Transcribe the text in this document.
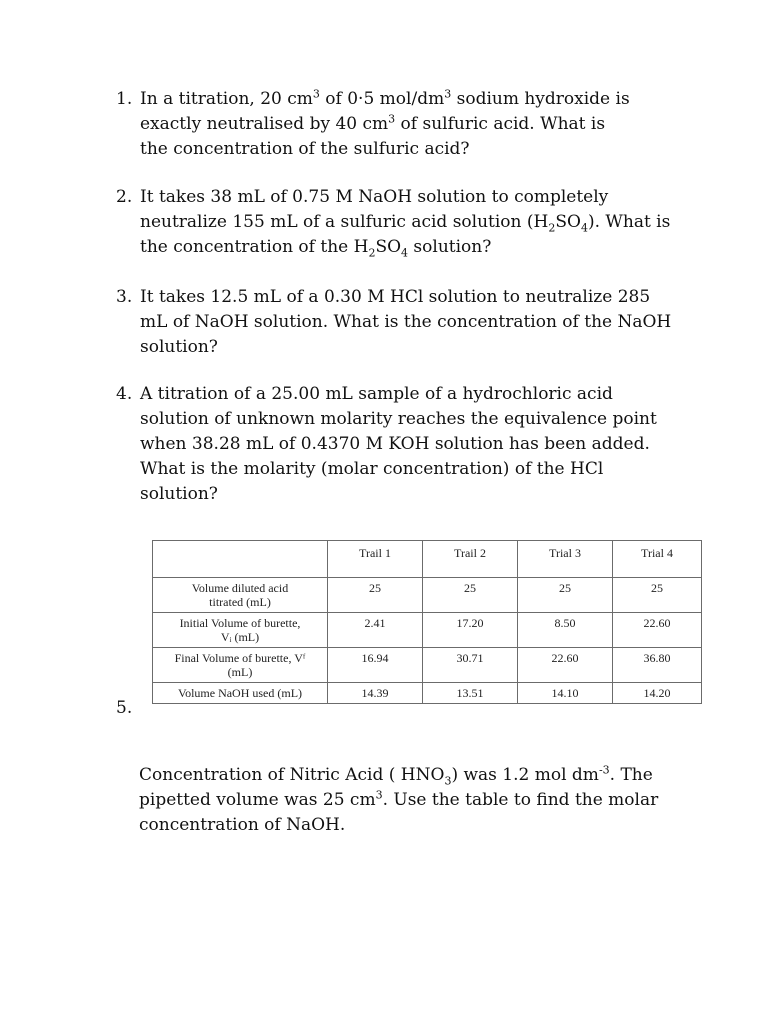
1. In a titration, 20 $cm^3$ of 0·5 mol/$dm^3$ sodium hydroxide is
exactly neutralised by 40 $cm^3$ of sulfuric acid. What is
the concentration of the sulfuric acid?
2. It takes 38 mL of 0.75 M NaOH solution to completely
neutralize 155 mL of a sulfuric acid solution $(H_2SO_4)$. What is
the concentration of the $H_2SO_4$ solution?
3. It takes 12.5 mL of a 0.30 M HCl solution to neutralize 285
mL of NaOH solution. What is the concentration of the NaOH
solution?
4. A titration of a 25.00 mL sample of a hydrochloric acid
solution of unknown molarity reaches the equivalence point
when 38.28 mL of 0.4370 M KOH solution has been added.
What is the molarity (molar concentration) of the HCl
solution?
	Trail 1	Trail 2	Trial 3	Trial 4

Volume diluted acid
titrated (mL)	25	25	25	25

Initial Volume of burette,
Vᵢ (mL)	2.41	17.20	8.50	22.60

Final Volume of burette, Vᶠ
(mL)	16.94	30.71	22.60	36.80

Volume NaOH used (mL)	14.39	13.51	14.10	14.20
5.
Concentration of Nitric Acid ( $HNO_3$) was 1.2 mol $dm^{-3}$. The
pipetted volume was 25 $cm^3$. Use the table to find the molar
concentration of NaOH.
